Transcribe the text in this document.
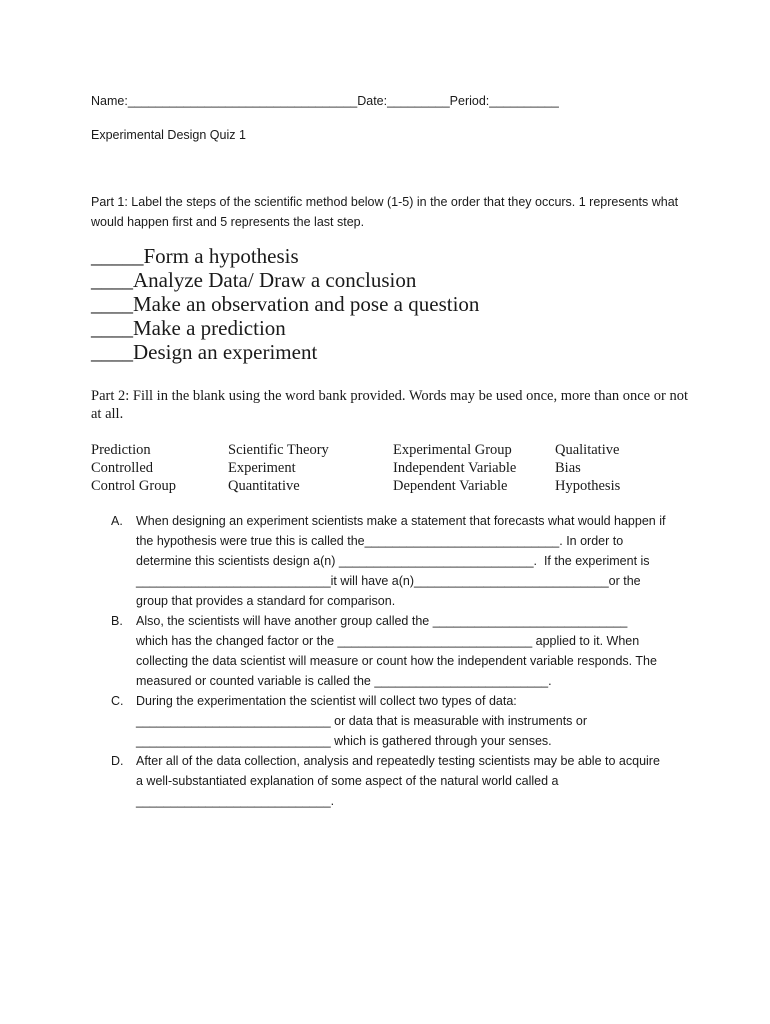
Name:_________________________________Date:_________Period:__________
Experimental Design Quiz 1
Part 1: Label the steps of the scientific method below (1-5) in the order that they occurs. 1 represents what would happen first and 5 represents the last step.
_____Form a hypothesis
____Analyze Data/ Draw a conclusion
____Make an observation and pose a question
____Make a prediction
____Design an experiment
Part 2: Fill in the blank using the word bank provided. Words may be used once, more than once or not at all.
Prediction
Controlled
Control Group
Scientific Theory
Experiment
Quantitative
Experimental Group
Independent Variable
Dependent Variable
Qualitative
Bias
Hypothesis
A. When designing an experiment scientists make a statement that forecasts what would happen if
the hypothesis were true this is called the____________________________. In order to
determine this scientists design a(n) ____________________________.  If the experiment is
____________________________it will have a(n)____________________________or the
group that provides a standard for comparison.
B. Also, the scientists will have another group called the ____________________________
which has the changed factor or the ____________________________ applied to it. When
collecting the data scientist will measure or count how the independent variable responds. The
measured or counted variable is called the _________________________.
C. During the experimentation the scientist will collect two types of data:
____________________________ or data that is measurable with instruments or
____________________________ which is gathered through your senses.
D. After all of the data collection, analysis and repeatedly testing scientists may be able to acquire
a well-substantiated explanation of some aspect of the natural world called a
____________________________.
